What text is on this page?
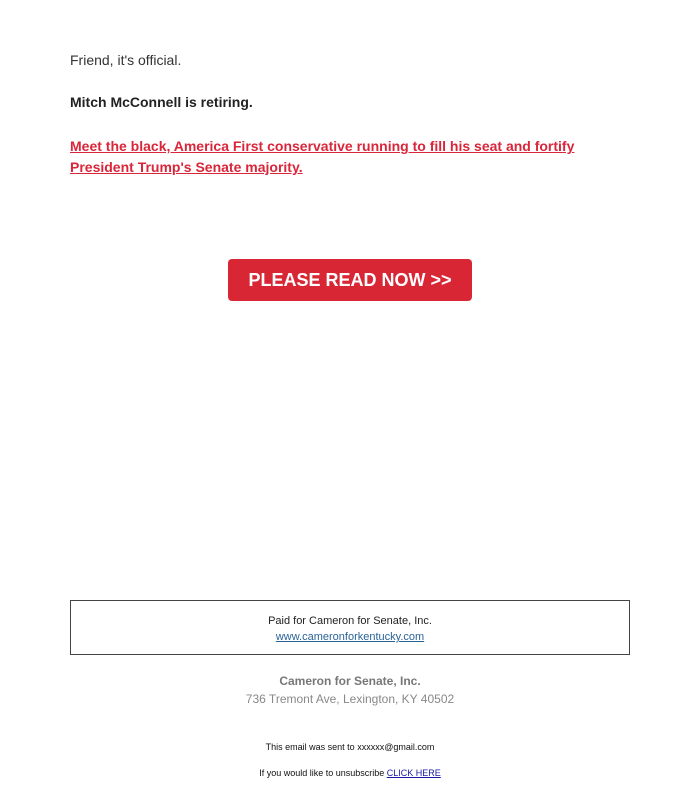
Friend, it's official.
Mitch McConnell is retiring.
Meet the black, America First conservative running to fill his seat and fortify President Trump's Senate majority.
PLEASE READ NOW >>
Paid for Cameron for Senate, Inc.
www.cameronforkentucky.com
Cameron for Senate, Inc.
736 Tremont Ave, Lexington, KY 40502
This email was sent to xxxxxx@gmail.com
If you would like to unsubscribe CLICK HERE
